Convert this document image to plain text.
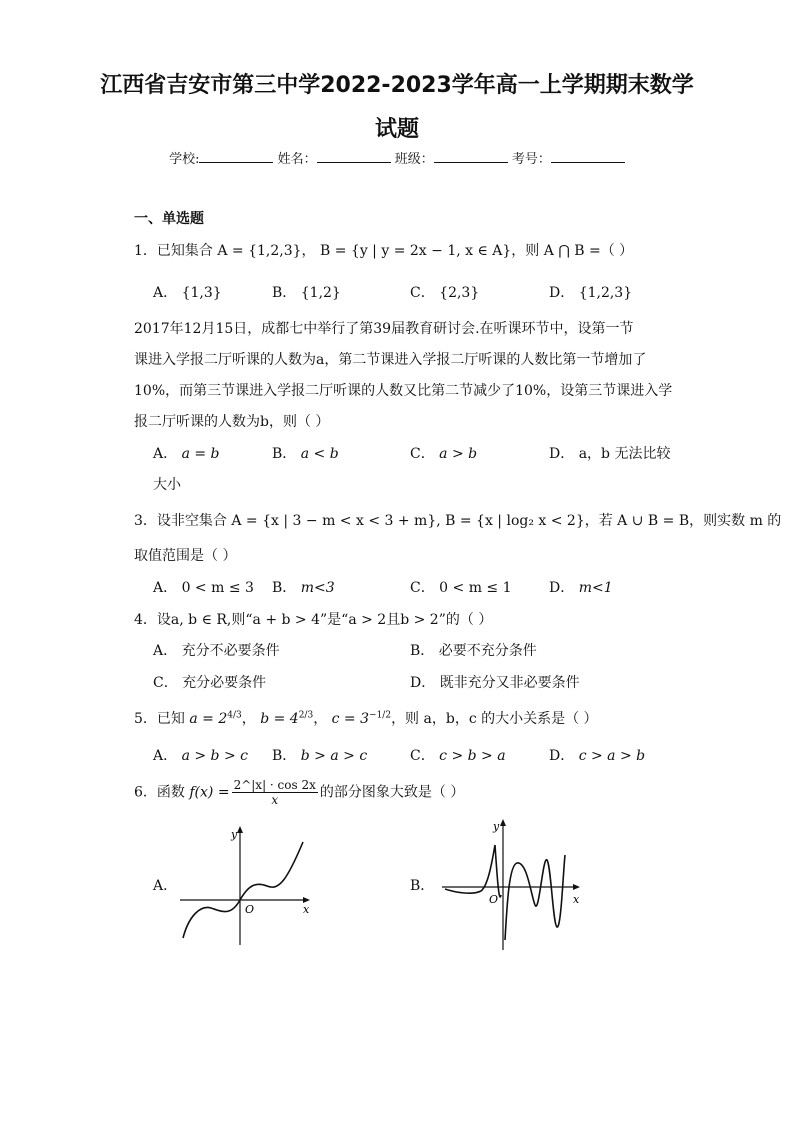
江西省吉安市第三中学2022-2023学年高一上学期期末数学
试题
学校:	姓名：	班级：	考号：
一、单选题
1．已知集合 A = {1,2,3}， B = {y | y = 2x − 1, x ∈ A}，则 A ⋂ B =（ ）
A． {1,3}	B． {1,2}	C． {2,3}	D． {1,2,3}
2017年12月15日，成都七中举行了第39届教育研讨会.在听课环节中，设第一节
课进入学报二厅听课的人数为a，第二节课进入学报二厅听课的人数比第一节增加了
10%，而第三节课进入学报二厅听课的人数又比第二节减少了10%，设第三节课进入学
报二厅听课的人数为b，则（ ）
A． a = b	B． a < b	C． a > b	D． a，b 无法比较
大小
3．设非空集合 A = {x | 3 − m < x < 3 + m}, B = {x | log₂ x < 2}，若 A ∪ B = B，则实数 m 的
取值范围是（ ）
A． 0 < m ≤ 3 B． m<3	C． 0 < m ≤ 1	D． m<1
4．设a, b ∈ R,则“a + b > 4”是“a > 2且b > 2”的（ ）
A． 充分不必要条件	B． 必要不充分条件
C． 充分必要条件	D． 既非充分又非必要条件
5．已知 $a = 2^{4/3}$， $b = 4^{2/3}$， $c = 3^{-1/2}$，则 a，b，c 的大小关系是（ ）
A． a > b > c B． b > a > c	C． c > b > a	D． c > a > b
6．函数 $f(x) = \frac{2\^{}|x| \cdot \cos 2x}{x}$ 的部分图象大致是（ ）
A．
y
x
O
B．
y
x
O
